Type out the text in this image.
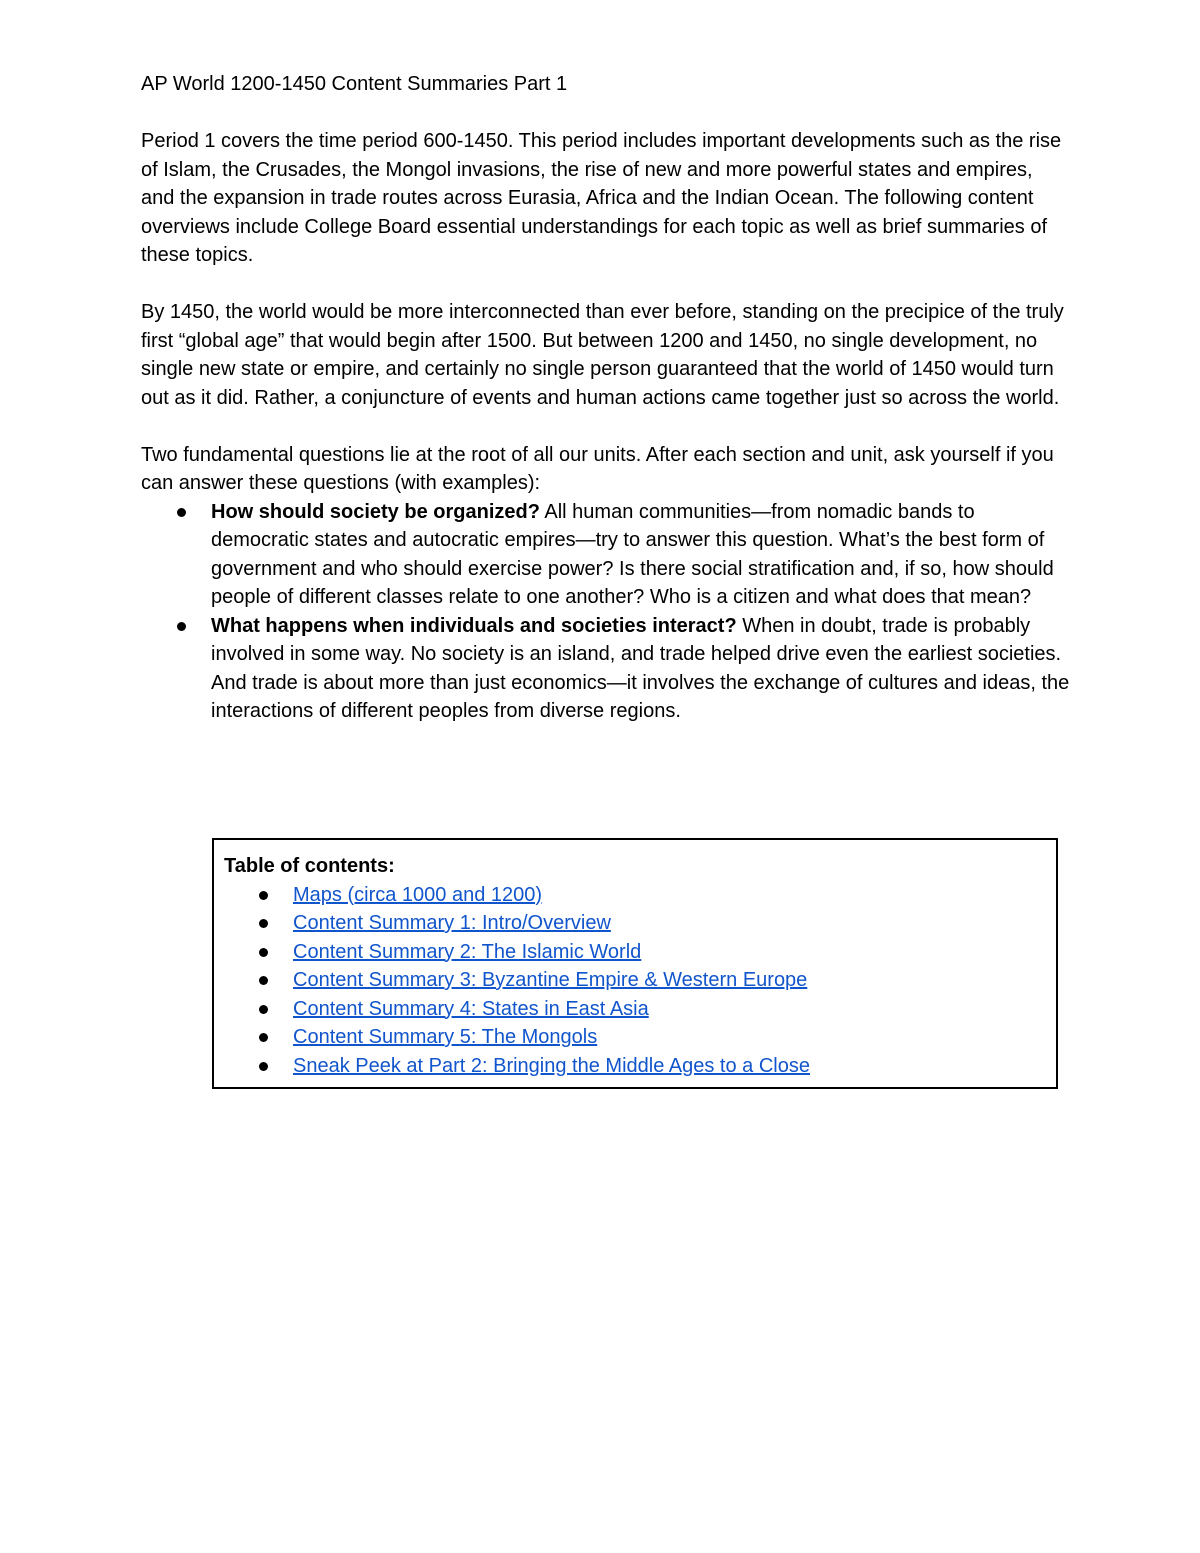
AP World 1200-1450 Content Summaries Part 1

Period 1 covers the time period 600-1450. This period includes important developments such as the rise of Islam, the Crusades, the Mongol invasions, the rise of new and more powerful states and empires, and the expansion in trade routes across Eurasia, Africa and the Indian Ocean. The following content overviews include College Board essential understandings for each topic as well as brief summaries of these topics.

By 1450, the world would be more interconnected than ever before, standing on the precipice of the truly first “global age” that would begin after 1500. But between 1200 and 1450, no single development, no single new state or empire, and certainly no single person guaranteed that the world of 1450 would turn out as it did. Rather, a conjuncture of events and human actions came together just so across the world.

Two fundamental questions lie at the root of all our units. After each section and unit, ask yourself if you can answer these questions (with examples):

How should society be organized? All human communities—from nomadic bands to democratic states and autocratic empires—try to answer this question. What’s the best form of government and who should exercise power? Is there social stratification and, if so, how should people of different classes relate to one another? Who is a citizen and what does that mean?
What happens when individuals and societies interact? When in doubt, trade is probably involved in some way. No society is an island, and trade helped drive even the earliest societies. And trade is about more than just economics—it involves the exchange of cultures and ideas, the interactions of different peoples from diverse regions.

Table of contents:

Maps (circa 1000 and 1200)
Content Summary 1: Intro/Overview
Content Summary 2: The Islamic World
Content Summary 3: Byzantine Empire & Western Europe
Content Summary 4: States in East Asia
Content Summary 5: The Mongols
Sneak Peek at Part 2: Bringing the Middle Ages to a Close
